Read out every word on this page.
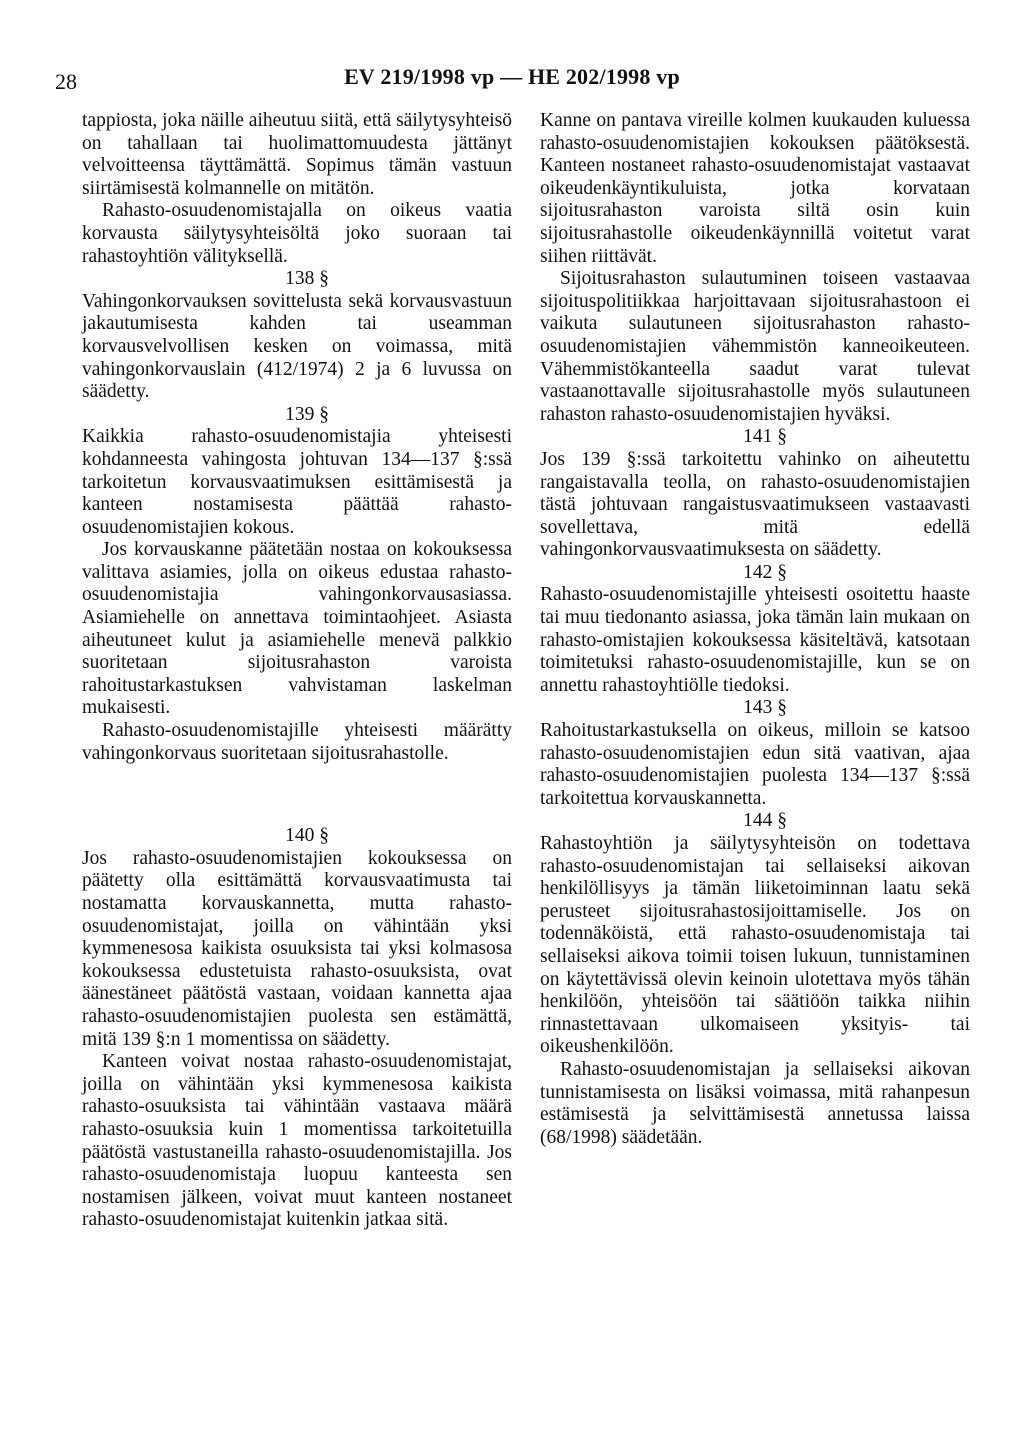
28	EV 219/1998 vp — HE 202/1998 vp

tappiosta, joka näille aiheutuu siitä, että säilytysyhteisö on tahallaan tai huolimattomuudesta jättänyt velvoitteensa täyttämättä. Sopimus tämän vastuun siirtämisestä kolmannelle on mitätön.

Rahasto-osuudenomistajalla on oikeus vaatia korvausta säilytysyhteisöltä joko suoraan tai rahastoyhtiön välityksellä.

138 §

Vahingonkorvauksen sovittelusta sekä korvausvastuun jakautumisesta kahden tai useamman korvausvelvollisen kesken on voimassa, mitä vahingonkorvauslain (412/1974) 2 ja 6 luvussa on säädetty.

139 §

Kaikkia rahasto-osuudenomistajia yhteisesti kohdanneesta vahingosta johtuvan 134—137 §:ssä tarkoitetun korvausvaatimuksen esittämisestä ja kanteen nostamisesta päättää rahasto-osuudenomistajien kokous.

Jos korvauskanne päätetään nostaa on kokouksessa valittava asiamies, jolla on oikeus edustaa rahasto-osuudenomistajia vahingonkorvausasiassa. Asiamiehelle on annettava toimintaohjeet. Asiasta aiheutuneet kulut ja asiamiehelle menevä palkkio suoritetaan sijoitusrahaston varoista rahoitustarkastuksen vahvistaman laskelman mukaisesti.

Rahasto-osuudenomistajille yhteisesti määrätty vahingonkorvaus suoritetaan sijoitusrahastolle.

140 §

Jos rahasto-osuudenomistajien kokouksessa on päätetty olla esittämättä korvausvaatimusta tai nostamatta korvauskannetta, mutta rahasto-osuudenomistajat, joilla on vähintään yksi kymmenesosa kaikista osuuksista tai yksi kolmasosa kokouksessa edustetuista rahasto-osuuksista, ovat äänestäneet päätöstä vastaan, voidaan kannetta ajaa rahasto-osuudenomistajien puolesta sen estämättä, mitä 139 §:n 1 momentissa on säädetty.

Kanteen voivat nostaa rahasto-osuudenomistajat, joilla on vähintään yksi kymmenesosa kaikista rahasto-osuuksista tai vähintään vastaava määrä rahasto-osuuksia kuin 1 momentissa tarkoitetuilla päätöstä vastustaneilla rahasto-osuudenomistajilla. Jos rahasto-osuudenomistaja luopuu kanteesta sen nostamisen jälkeen, voivat muut kanteen nostaneet rahasto-osuudenomistajat kuitenkin jatkaa sitä.

Kanne on pantava vireille kolmen kuukauden kuluessa rahasto-osuudenomistajien kokouksen päätöksestä. Kanteen nostaneet rahasto-osuudenomistajat vastaavat oikeudenkäyntikuluista, jotka korvataan sijoitusrahaston varoista siltä osin kuin sijoitusrahastolle oikeudenkäynnillä voitetut varat siihen riittävät.

Sijoitusrahaston sulautuminen toiseen vastaavaa sijoituspolitiikkaa harjoittavaan sijoitusrahastoon ei vaikuta sulautuneen sijoitusrahaston rahasto-osuudenomistajien vähemmistön kanneoikeuteen. Vähemmistökanteella saadut varat tulevat vastaanottavalle sijoitusrahastolle myös sulautuneen rahaston rahasto-osuudenomistajien hyväksi.

141 §

Jos 139 §:ssä tarkoitettu vahinko on aiheutettu rangaistavalla teolla, on rahasto-osuudenomistajien tästä johtuvaan rangaistusvaatimukseen vastaavasti sovellettava, mitä edellä vahingonkorvausvaatimuksesta on säädetty.

142 §

Rahasto-osuudenomistajille yhteisesti osoitettu haaste tai muu tiedonanto asiassa, joka tämän lain mukaan on rahasto-omistajien kokouksessa käsiteltävä, katsotaan toimitetuksi rahasto-osuudenomistajille, kun se on annettu rahastoyhtiölle tiedoksi.

143 §

Rahoitustarkastuksella on oikeus, milloin se katsoo rahasto-osuudenomistajien edun sitä vaativan, ajaa rahasto-osuudenomistajien puolesta 134—137 §:ssä tarkoitettua korvauskannetta.

144 §

Rahastoyhtiön ja säilytysyhteisön on todettava rahasto-osuudenomistajan tai sellaiseksi aikovan henkilöllisyys ja tämän liiketoiminnan laatu sekä perusteet sijoitusrahastosijoittamiselle. Jos on todennäköistä, että rahasto-osuudenomistaja tai sellaiseksi aikova toimii toisen lukuun, tunnistaminen on käytettävissä olevin keinoin ulotettava myös tähän henkilöön, yhteisöön tai säätiöön taikka niihin rinnastettavaan ulkomaiseen yksityis- tai oikeushenkilöön.

Rahasto-osuudenomistajan ja sellaiseksi aikovan tunnistamisesta on lisäksi voimassa, mitä rahanpesun estämisestä ja selvittämisestä annetussa laissa (68/1998) säädetään.
